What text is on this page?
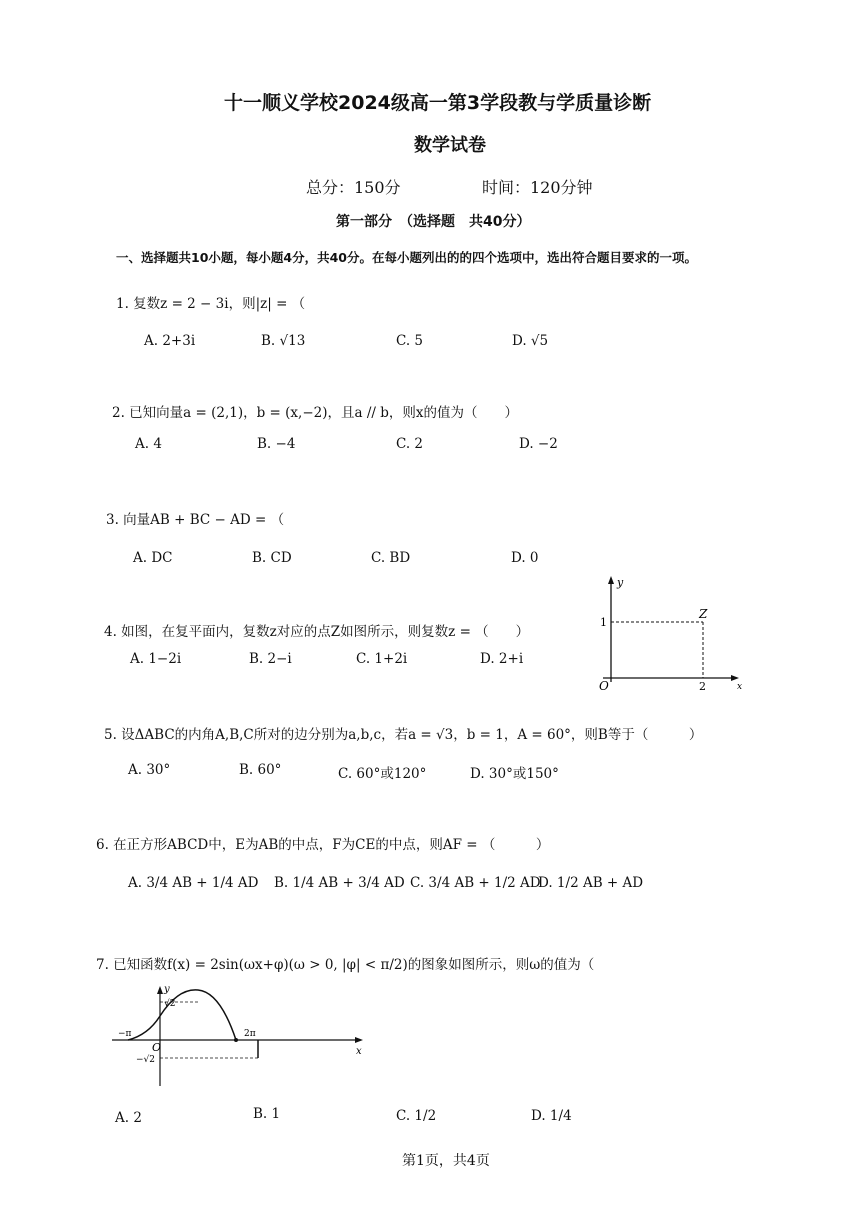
十一顺义学校2024级高一第3学段教与学质量诊断
数学试卷
总分：150分	时间：120分钟
第一部分　（选择题　共40分）
一、选择题共10小题，每小题4分，共40分。在每小题列出的的四个选项中，选出符合题目要求的一项。
1. 复数z = 2 − 3i，则|z| = （
A. 2+3i	B. √13	C. 5	D. √5
2. 已知向量a = (2,1)，b = (x,−2)，且a // b，则x的值为（　　）
A. 4	B. −4	C. 2	D. −2
3. 向量AB + BC − AD = （
A. DC	B. CD	C. BD	D. 0
4. 如图，在复平面内，复数z对应的点Z如图所示，则复数z = （　　）
A. 1−2i	B. 2−i	C. 1+2i	D. 2+i
y
x
O
Z
2
1
5. 设ΔABC的内角A,B,C所对的边分别为a,b,c，若a = √3，b = 1，A = 60°，则B等于（　　　）
A. 30°	B. 60°	C. 60°或120°	D. 30°或150°
6. 在正方形ABCD中，E为AB的中点，F为CE的中点，则AF = （　　　）
A. 3/4 AB + 1/4 AD B. 1/4 AB + 3/4 AD C. 3/4 AB + 1/2 AD
D. 1/2 AB + AD
7. 已知函数f(x) = 2sin(ωx+φ)(ω > 0, |φ| < π/2)的图象如图所示，则ω的值为（
y
x
O
√2
−√2
2π
−π
A. 2	B. 1	C. 1/2	D. 1/4
第1页，共4页
